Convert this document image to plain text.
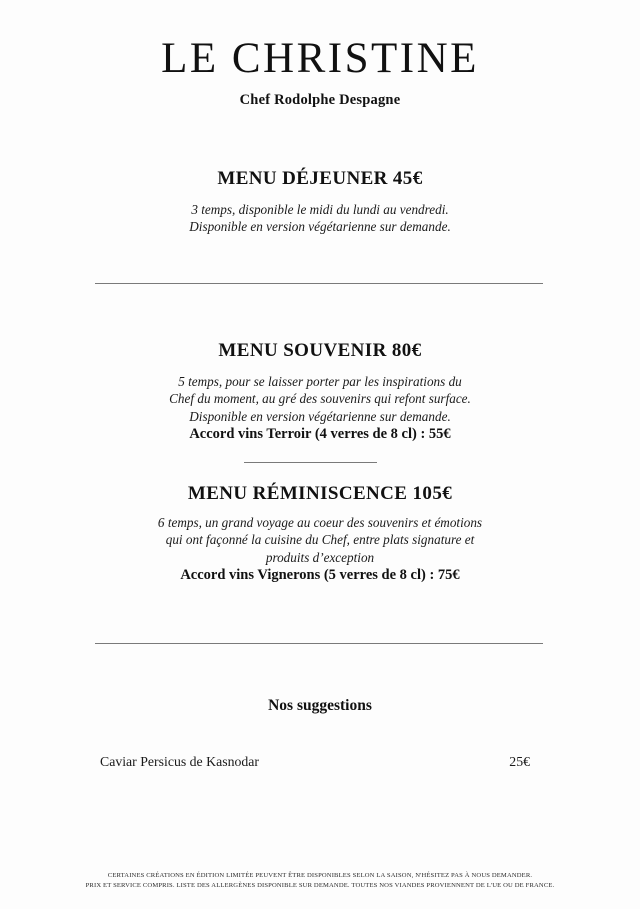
LE CHRISTINE
Chef Rodolphe Despagne
MENU DÉJEUNER 45€

3 temps, disponible le midi du lundi au vendredi.
Disponible en version végétarienne sur demande.

MENU SOUVENIR 80€

5 temps, pour se laisser porter par les inspirations du
Chef du moment, au gré des souvenirs qui refont surface.
Disponible en version végétarienne sur demande.

Accord vins Terroir (4 verres de 8 cl) : 55€
MENU RÉMINISCENCE 105€

6 temps, un grand voyage au coeur des souvenirs et émotions
qui ont façonné la cuisine du Chef, entre plats signature et
produits d’exception

Accord vins Vignerons (5 verres de 8 cl) : 75€
Nos suggestions
Caviar Persicus de Kasnodar	25€
CERTAINES CRÉATIONS EN ÉDITION LIMITÉE PEUVENT ÊTRE DISPONIBLES SELON LA SAISON, N'HÉSITEZ PAS À NOUS DEMANDER.
PRIX ET SERVICE COMPRIS. LISTE DES ALLERGÈNES DISPONIBLE SUR DEMANDE. TOUTES NOS VIANDES PROVIENNENT DE L'UE OU DE FRANCE.
